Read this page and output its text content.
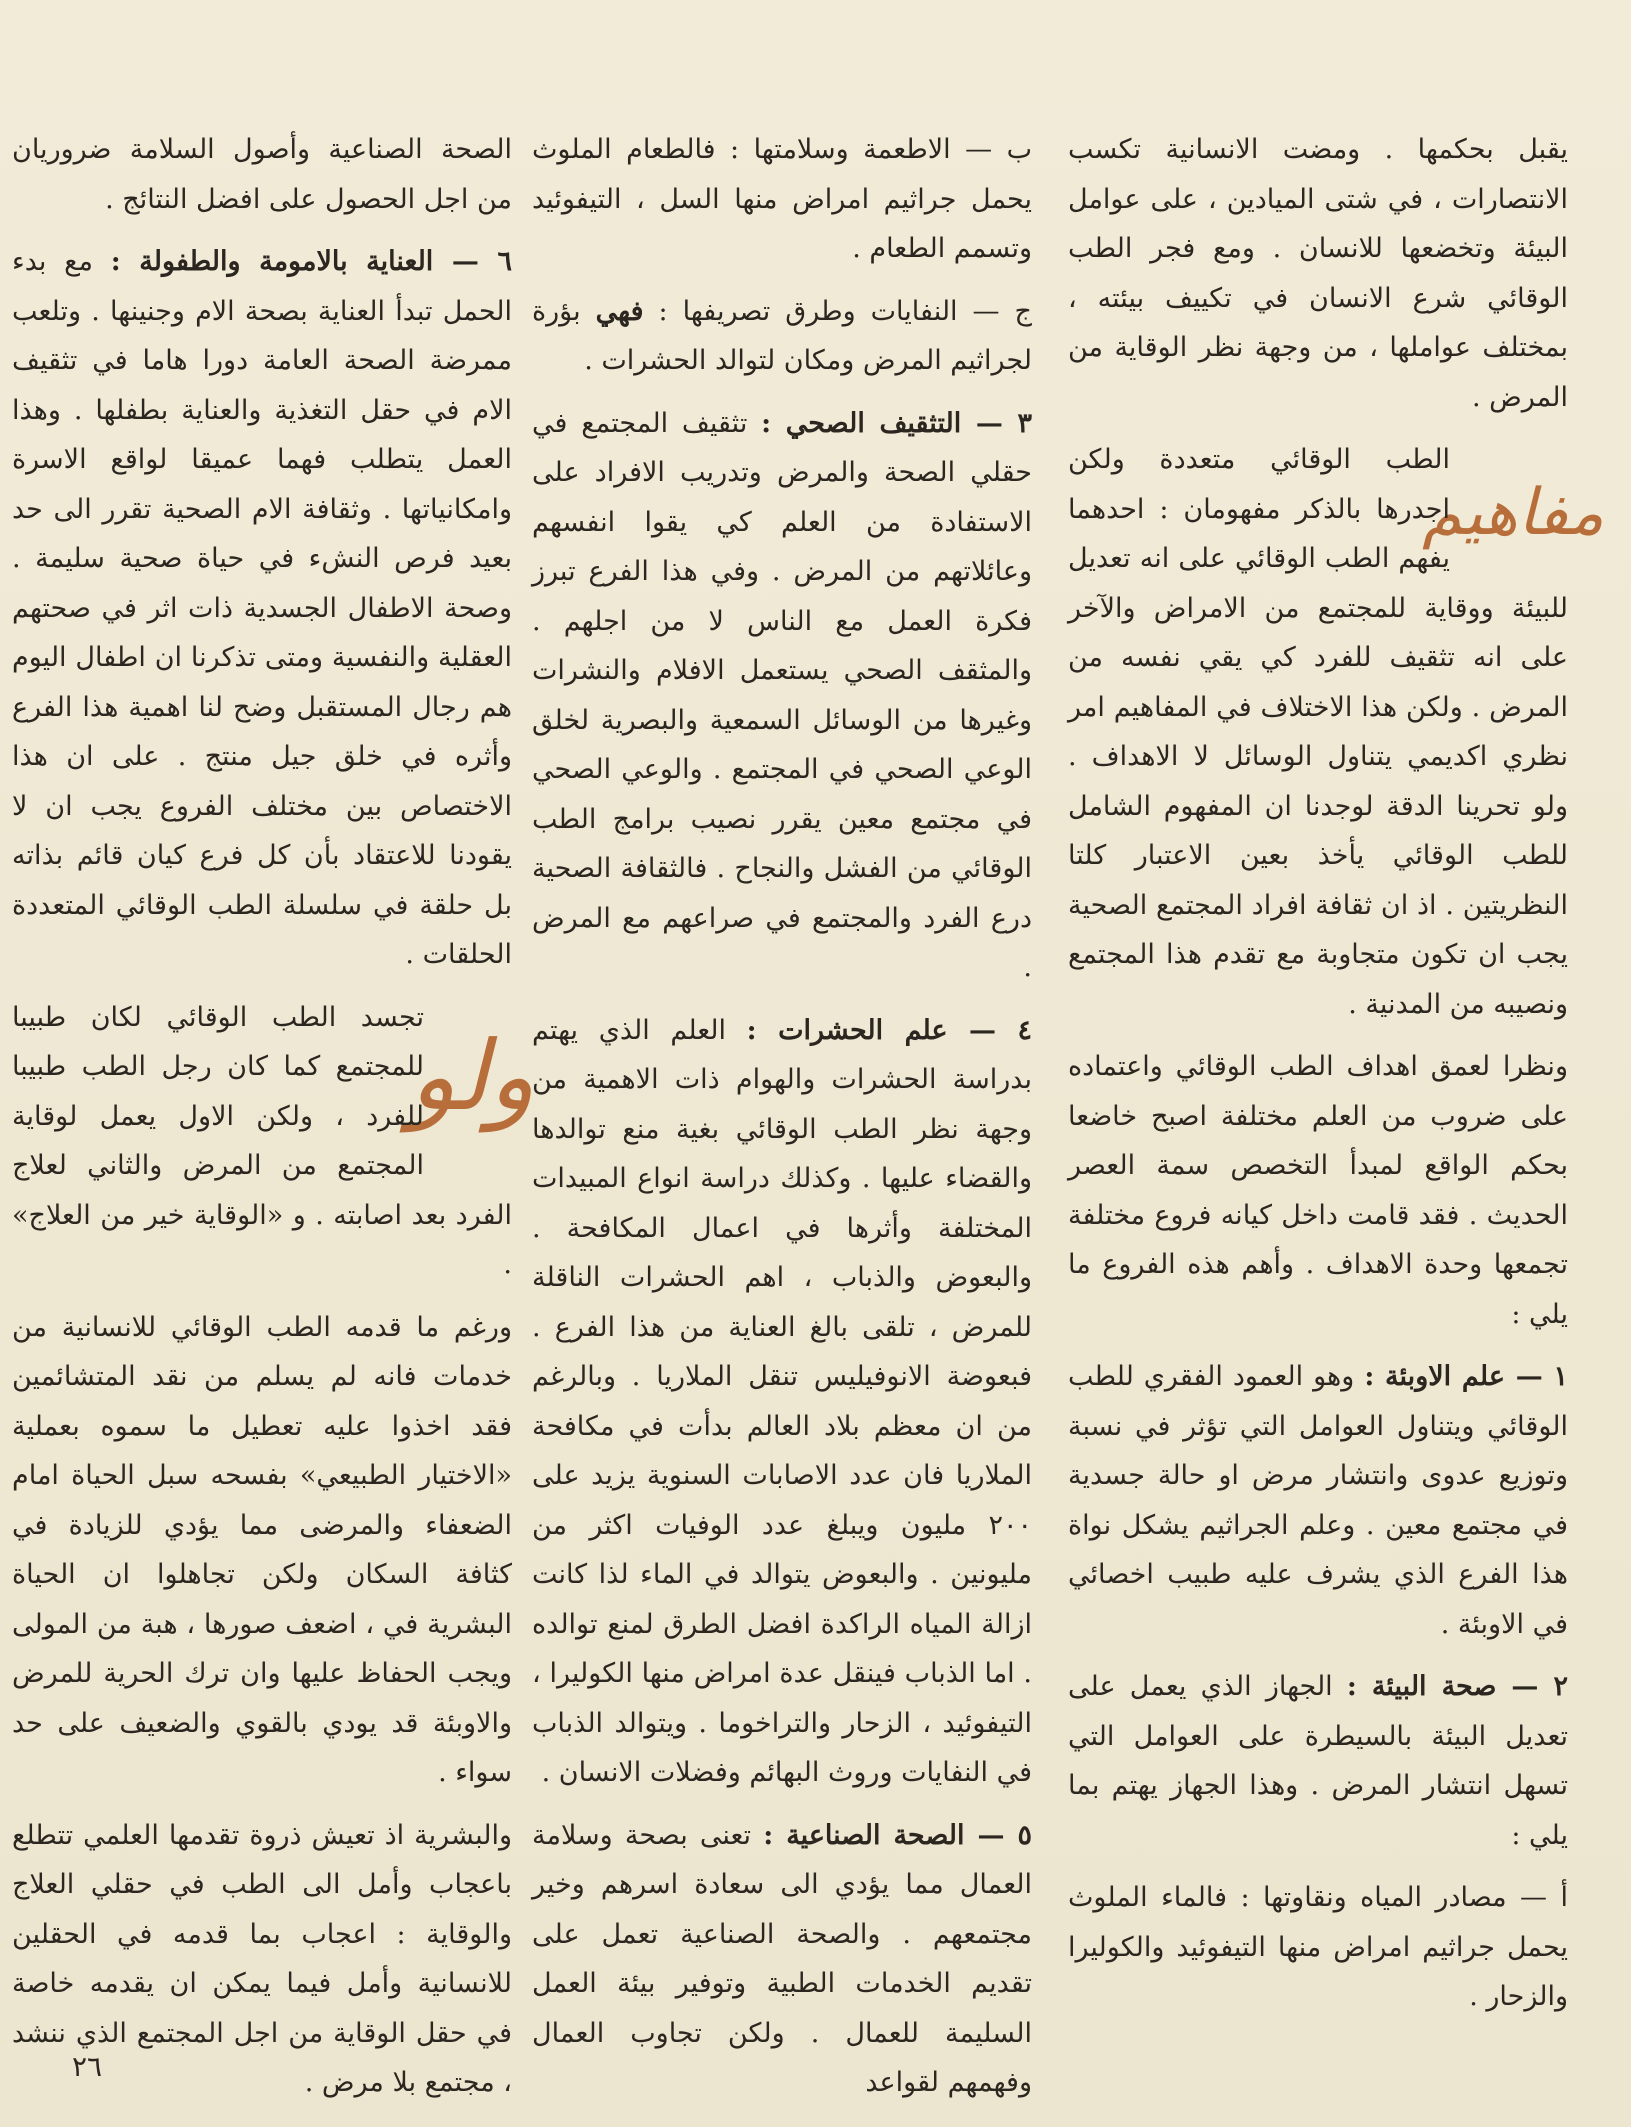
يقبل بحكمها . ومضت الانسانية تكسب الانتصارات ، في شتى الميادين ، على عوامل البيئة وتخضعها للانسان . ومع فجر الطب الوقائي شرع الانسان في تكييف بيئته ، بمختلف عواملها ، من وجهة نظر الوقاية من المرض .

مفاهيم

الطب الوقائي متعددة ولكن اجدرها بالذكر مفهومان : احدهما يفهم الطب الوقائي على انه تعديل للبيئة ووقاية للمجتمع من الامراض والآخر على انه تثقيف للفرد كي يقي نفسه من المرض . ولكن هذا الاختلاف في المفاهيم امر نظري اكديمي يتناول الوسائل لا الاهداف . ولو تحرينا الدقة لوجدنا ان المفهوم الشامل للطب الوقائي يأخذ بعين الاعتبار كلتا النظريتين . اذ ان ثقافة افراد المجتمع الصحية يجب ان تكون متجاوبة مع تقدم هذا المجتمع ونصيبه من المدنية .

ونظرا لعمق اهداف الطب الوقائي واعتماده على ضروب من العلم مختلفة اصبح خاضعا بحكم الواقع لمبدأ التخصص سمة العصر الحديث . فقد قامت داخل كيانه فروع مختلفة تجمعها وحدة الاهداف . وأهم هذه الفروع ما يلي :

١ — علم الاوبئة : وهو العمود الفقري للطب الوقائي ويتناول العوامل التي تؤثر في نسبة وتوزيع عدوى وانتشار مرض او حالة جسدية في مجتمع معين . وعلم الجراثيم يشكل نواة هذا الفرع الذي يشرف عليه طبيب اخصائي في الاوبئة .

٢ — صحة البيئة : الجهاز الذي يعمل على تعديل البيئة بالسيطرة على العوامل التي تسهل انتشار المرض . وهذا الجهاز يهتم بما يلي :

أ — مصادر المياه ونقاوتها : فالماء الملوث يحمل جراثيم امراض منها التيفوئيد والكوليرا والزحار .

ب — الاطعمة وسلامتها : فالطعام الملوث يحمل جراثيم امراض منها السل ، التيفوئيد وتسمم الطعام .

ج — النفايات وطرق تصريفها : فهي بؤرة لجراثيم المرض ومكان لتوالد الحشرات .

٣ — التثقيف الصحي : تثقيف المجتمع في حقلي الصحة والمرض وتدريب الافراد على الاستفادة من العلم كي يقوا انفسهم وعائلاتهم من المرض . وفي هذا الفرع تبرز فكرة العمل مع الناس لا من اجلهم . والمثقف الصحي يستعمل الافلام والنشرات وغيرها من الوسائل السمعية والبصرية لخلق الوعي الصحي في المجتمع . والوعي الصحي في مجتمع معين يقرر نصيب برامج الطب الوقائي من الفشل والنجاح . فالثقافة الصحية درع الفرد والمجتمع في صراعهم مع المرض .

٤ — علم الحشرات : العلم الذي يهتم بدراسة الحشرات والهوام ذات الاهمية من وجهة نظر الطب الوقائي بغية منع توالدها والقضاء عليها . وكذلك دراسة انواع المبيدات المختلفة وأثرها في اعمال المكافحة . والبعوض والذباب ، اهم الحشرات الناقلة للمرض ، تلقى بالغ العناية من هذا الفرع . فبعوضة الانوفيليس تنقل الملاريا . وبالرغم من ان معظم بلاد العالم بدأت في مكافحة الملاريا فان عدد الاصابات السنوية يزيد على ٢٠٠ مليون ويبلغ عدد الوفيات اكثر من مليونين . والبعوض يتوالد في الماء لذا كانت ازالة المياه الراكدة افضل الطرق لمنع توالده . اما الذباب فينقل عدة امراض منها الكوليرا ، التيفوئيد ، الزحار والتراخوما . ويتوالد الذباب في النفايات وروث البهائم وفضلات الانسان .

٥ — الصحة الصناعية : تعنى بصحة وسلامة العمال مما يؤدي الى سعادة اسرهم وخير مجتمعهم . والصحة الصناعية تعمل على تقديم الخدمات الطبية وتوفير بيئة العمل السليمة للعمال . ولكن تجاوب العمال وفهمهم لقواعد

الصحة الصناعية وأصول السلامة ضروريان من اجل الحصول على افضل النتائج .

٦ — العناية بالامومة والطفولة : مع بدء الحمل تبدأ العناية بصحة الام وجنينها . وتلعب ممرضة الصحة العامة دورا هاما في تثقيف الام في حقل التغذية والعناية بطفلها . وهذا العمل يتطلب فهما عميقا لواقع الاسرة وامكانياتها . وثقافة الام الصحية تقرر الى حد بعيد فرص النشء في حياة صحية سليمة . وصحة الاطفال الجسدية ذات اثر في صحتهم العقلية والنفسية ومتى تذكرنا ان اطفال اليوم هم رجال المستقبل وضح لنا اهمية هذا الفرع وأثره في خلق جيل منتج . على ان هذا الاختصاص بين مختلف الفروع يجب ان لا يقودنا للاعتقاد بأن كل فرع كيان قائم بذاته بل حلقة في سلسلة الطب الوقائي المتعددة الحلقات .

ولو

تجسد الطب الوقائي لكان طبيبا للمجتمع كما كان رجل الطب طبيبا للفرد ، ولكن الاول يعمل لوقاية المجتمع من المرض والثاني لعلاج الفرد بعد اصابته . و «الوقاية خير من العلاج» .

ورغم ما قدمه الطب الوقائي للانسانية من خدمات فانه لم يسلم من نقد المتشائمين فقد اخذوا عليه تعطيل ما سموه بعملية «الاختيار الطبيعي» بفسحه سبل الحياة امام الضعفاء والمرضى مما يؤدي للزيادة في كثافة السكان ولكن تجاهلوا ان الحياة البشرية في ، اضعف صورها ، هبة من المولى ويجب الحفاظ عليها وان ترك الحرية للمرض والاوبئة قد يودي بالقوي والضعيف على حد سواء .

والبشرية اذ تعيش ذروة تقدمها العلمي تتطلع باعجاب وأمل الى الطب في حقلي العلاج والوقاية : اعجاب بما قدمه في الحقلين للانسانية وأمل فيما يمكن ان يقدمه خاصة في حقل الوقاية من اجل المجتمع الذي ننشد ، مجتمع بلا مرض .

٢٦
